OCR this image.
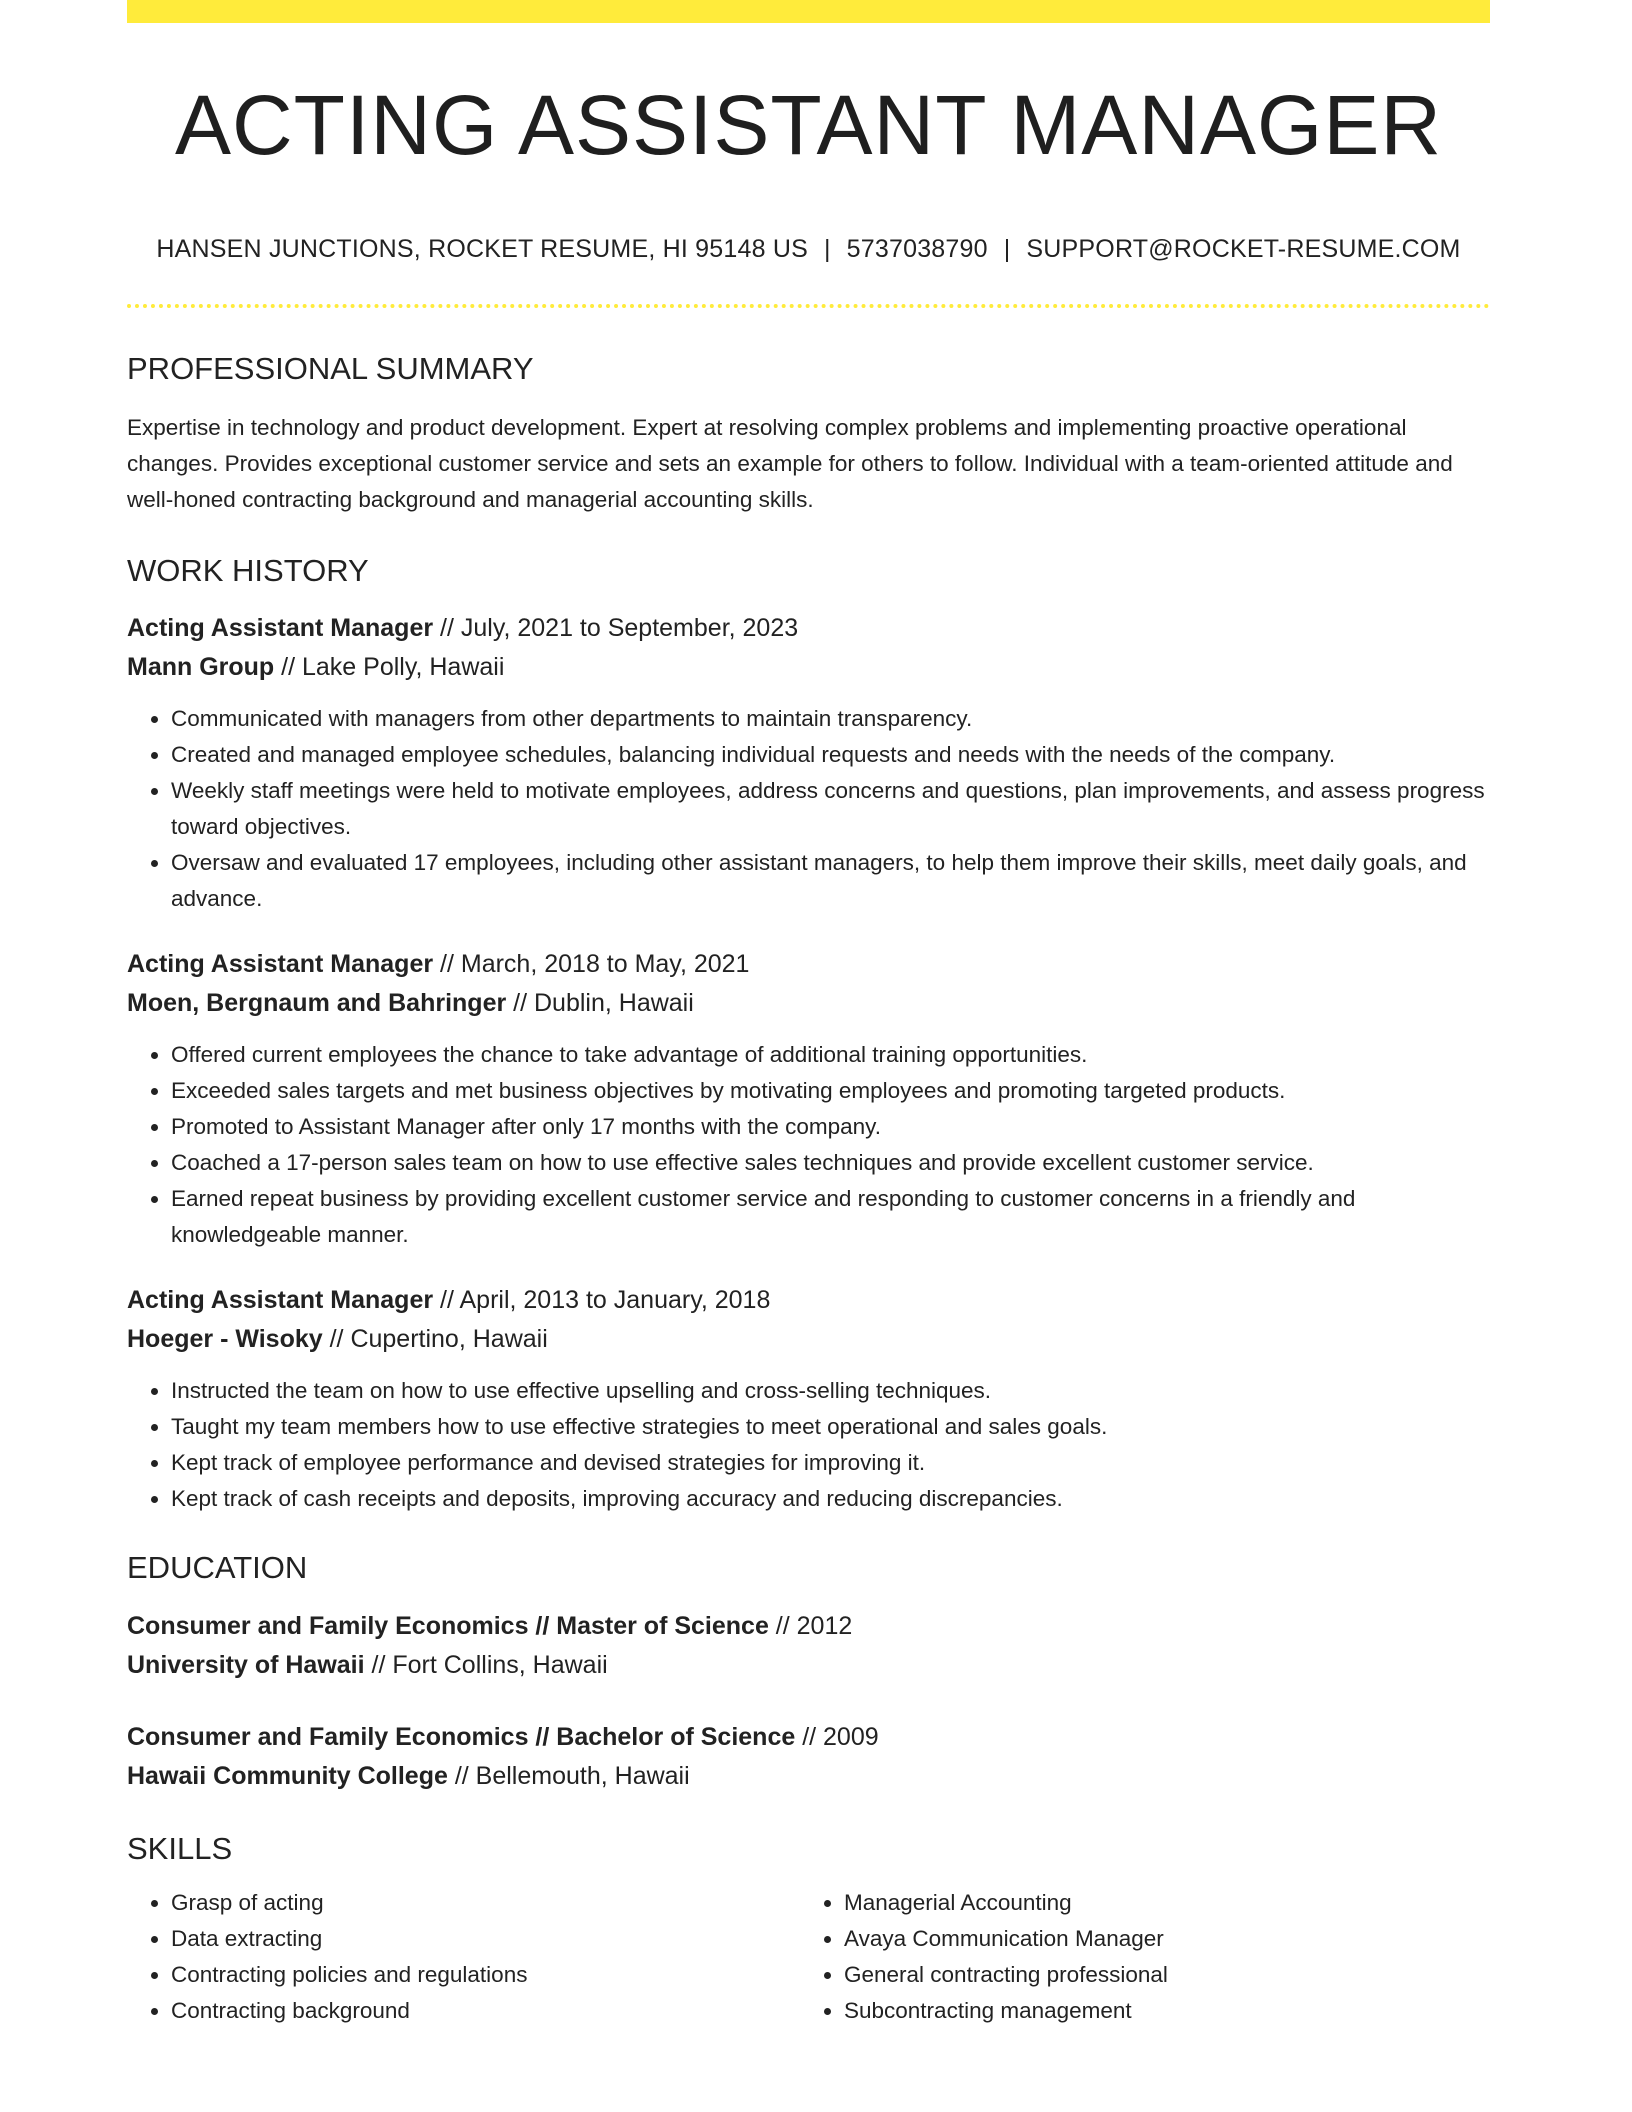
ACTING ASSISTANT MANAGER
HANSEN JUNCTIONS, ROCKET RESUME, HI 95148 US | 5737038790 | SUPPORT@ROCKET-RESUME.COM
PROFESSIONAL SUMMARY
Expertise in technology and product development. Expert at resolving complex problems and implementing proactive operational changes. Provides exceptional customer service and sets an example for others to follow. Individual with a team-oriented attitude and well-honed contracting background and managerial accounting skills.
WORK HISTORY
Acting Assistant Manager // July, 2021 to September, 2023
Mann Group // Lake Polly, Hawaii
• Communicated with managers from other departments to maintain transparency.
• Created and managed employee schedules, balancing individual requests and needs with the needs of the company.
• Weekly staff meetings were held to motivate employees, address concerns and questions, plan improvements, and assess progress toward objectives.
• Oversaw and evaluated 17 employees, including other assistant managers, to help them improve their skills, meet daily goals, and advance.
Acting Assistant Manager // March, 2018 to May, 2021
Moen, Bergnaum and Bahringer // Dublin, Hawaii
• Offered current employees the chance to take advantage of additional training opportunities.
• Exceeded sales targets and met business objectives by motivating employees and promoting targeted products.
• Promoted to Assistant Manager after only 17 months with the company.
• Coached a 17-person sales team on how to use effective sales techniques and provide excellent customer service.
• Earned repeat business by providing excellent customer service and responding to customer concerns in a friendly and knowledgeable manner.
Acting Assistant Manager // April, 2013 to January, 2018
Hoeger - Wisoky // Cupertino, Hawaii
• Instructed the team on how to use effective upselling and cross-selling techniques.
• Taught my team members how to use effective strategies to meet operational and sales goals.
• Kept track of employee performance and devised strategies for improving it.
• Kept track of cash receipts and deposits, improving accuracy and reducing discrepancies.
EDUCATION
Consumer and Family Economics // Master of Science // 2012
University of Hawaii // Fort Collins, Hawaii
Consumer and Family Economics // Bachelor of Science // 2009
Hawaii Community College // Bellemouth, Hawaii
SKILLS
• Grasp of acting
• Data extracting
• Contracting policies and regulations
• Contracting background
• Managerial Accounting
• Avaya Communication Manager
• General contracting professional
• Subcontracting management
